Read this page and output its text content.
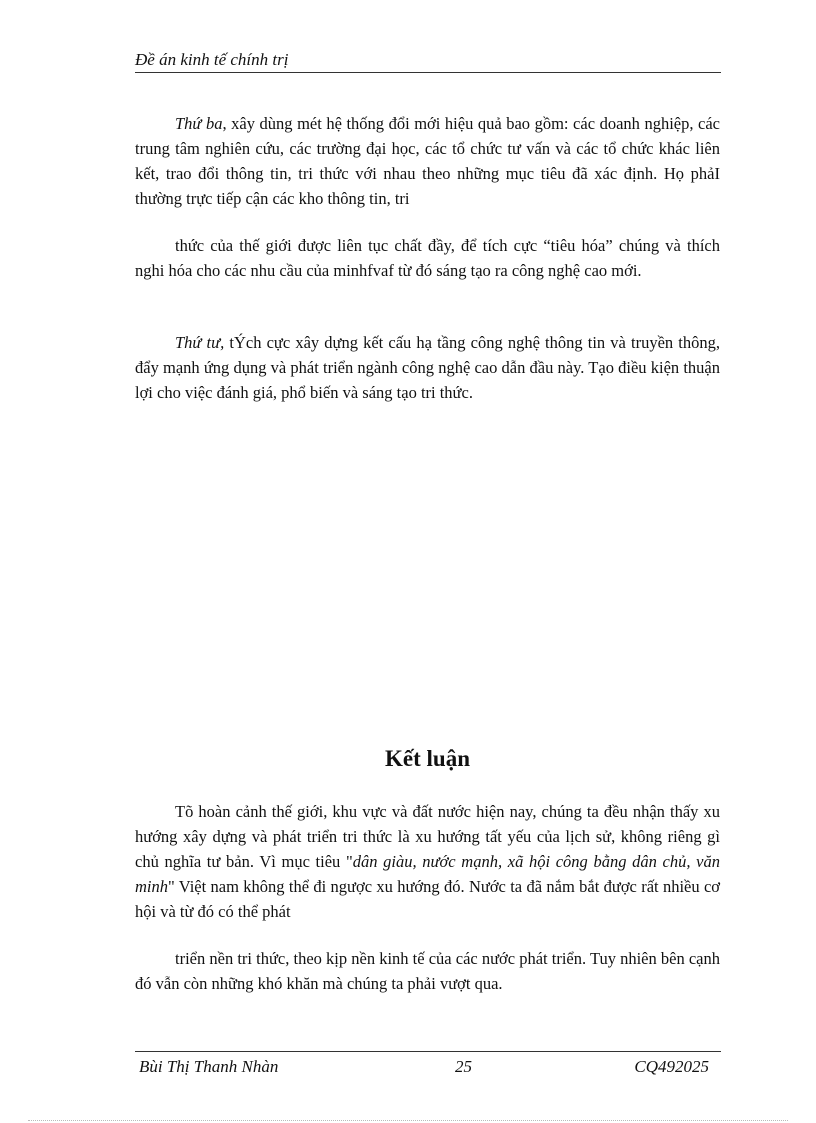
Đề án kinh tế chính trị

Thứ ba, xây dùng mét hệ thống đổi mới hiệu quả bao gồm: các doanh nghiệp, các trung tâm nghiên cứu, các trường đại học, các tổ chức tư vấn và các tổ chức khác liên kết, trao đổi thông tin, tri thức với nhau theo những mục tiêu đã xác định. Họ phảI thường trực tiếp cận các kho thông tin, tri

thức của thế giới được liên tục chất đầy, để tích cực “tiêu hóa” chúng và thích nghi hóa cho các nhu cầu của minhfvaf từ đó sáng tạo ra công nghệ cao mới.

Thứ tư, tÝch cực xây dựng kết cấu hạ tầng công nghệ thông tin và truyền thông, đẩy mạnh ứng dụng và phát triển ngành công nghệ cao dẫn đầu này. Tạo điều kiện thuận lợi cho việc đánh giá, phổ biến và sáng tạo tri thức.

Kết luận

Tõ hoàn cảnh thế giới, khu vực và đất nước hiện nay, chúng ta đều nhận thấy xu hướng xây dựng và phát triển tri thức là xu hướng tất yếu của lịch sử, không riêng gì chủ nghĩa tư bản. Vì mục tiêu "dân giàu, nước mạnh, xã hội công bằng dân chủ, văn minh" Việt nam không thể đi ngược xu hướng đó. Nước ta đã nắm bắt được rất nhiều cơ hội và từ đó có thể phát

triển nền tri thức, theo kịp nền kinh tế của các nước phát triển. Tuy nhiên bên cạnh đó vẫn còn những khó khăn mà chúng ta phải vượt qua.

Bùi Thị Thanh Nhàn	25	CQ492025
